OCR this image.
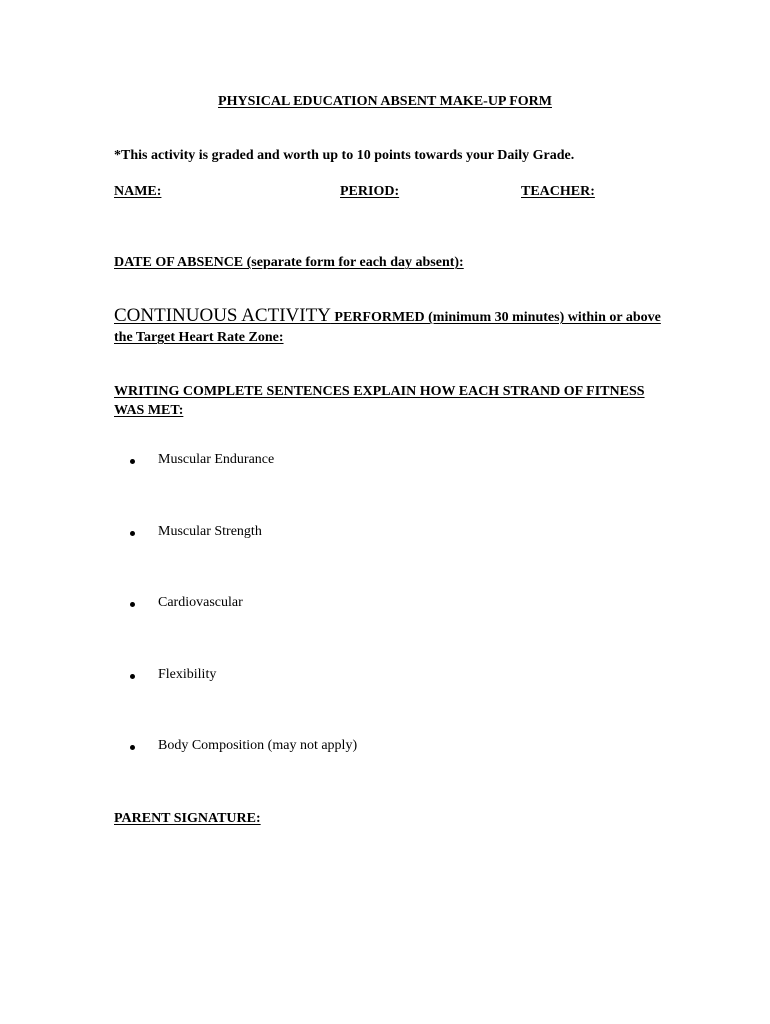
PHYSICAL EDUCATION ABSENT MAKE-UP FORM
*This activity is graded and worth up to 10 points towards your Daily Grade.
NAME:	PERIOD:	TEACHER:
DATE OF ABSENCE (separate form for each day absent):
CONTINUOUS ACTIVITY PERFORMED (minimum 30 minutes) within or above the Target Heart Rate Zone:
WRITING COMPLETE SENTENCES EXPLAIN HOW EACH STRAND OF FITNESS WAS MET:
Muscular Endurance
Muscular Strength
Cardiovascular
Flexibility
Body Composition (may not apply)
PARENT SIGNATURE:
